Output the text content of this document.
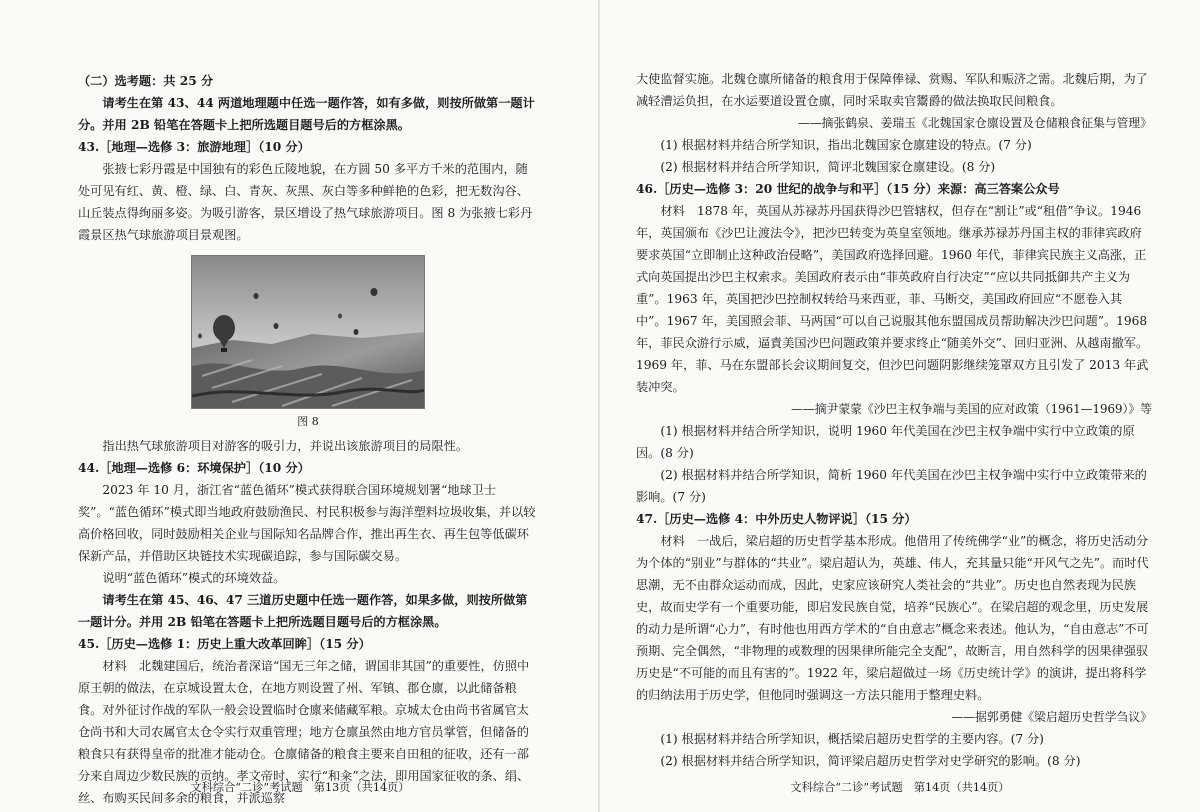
（二）选考题：共 25 分

请考生在第 43、44 两道地理题中任选一题作答，如有多做，则按所做第一题计分。并用 2B 铅笔在答题卡上把所选题目题号后的方框涂黑。

43.［地理—选修 3：旅游地理］（10 分）

张掖七彩丹霞是中国独有的彩色丘陵地貌，在方圆 50 多平方千米的范围内，随处可见有红、黄、橙、绿、白、青灰、灰黑、灰白等多种鲜艳的色彩，把无数沟谷、山丘装点得绚丽多姿。为吸引游客，景区增设了热气球旅游项目。图 8 为张掖七彩丹霞景区热气球旅游项目景观图。

图 8

指出热气球旅游项目对游客的吸引力，并说出该旅游项目的局限性。

44.［地理—选修 6：环境保护］（10 分）

2023 年 10 月，浙江省“蓝色循环”模式获得联合国环境规划署“地球卫士奖”。“蓝色循环”模式即当地政府鼓励渔民、村民积极参与海洋塑料垃圾收集，并以较高价格回收，同时鼓励相关企业与国际知名品牌合作，推出再生衣、再生包等低碳环保新产品，并借助区块链技术实现碳追踪，参与国际碳交易。

说明“蓝色循环”模式的环境效益。

请考生在第 45、46、47 三道历史题中任选一题作答，如果多做，则按所做第一题计分。并用 2B 铅笔在答题卡上把所选题目题号后的方框涂黑。

45.［历史—选修 1：历史上重大改革回眸］（15 分）

材料　北魏建国后，统治者深谙“国无三年之储，谓国非其国”的重要性，仿照中原王朝的做法，在京城设置太仓，在地方则设置了州、军镇、郡仓廪，以此储备粮食。对外征讨作战的军队一般会设置临时仓廪来储藏军粮。京城太仓由尚书省属官太仓尚书和大司农属官太仓令实行双重管理；地方仓廪虽然由地方官员掌管，但储备的粮食只有获得皇帝的批准才能动仓。仓廪储备的粮食主要来自田租的征收，还有一部分来自周边少数民族的贡纳。孝文帝时，实行“和籴”之法，即用国家征收的条、绢、丝、布购买民间多余的粮食，并派巡察

文科综合“二诊”考试题　第13页（共14页）

大使监督实施。北魏仓廪所储备的粮食用于保障俸禄、赏赐、军队和赈济之需。北魏后期，为了减轻漕运负担，在水运要道设置仓廪，同时采取卖官鬻爵的做法换取民间粮食。

——摘张鹤泉、姜瑞玉《北魏国家仓廪设置及仓储粮食征集与管理》

(1) 根据材料并结合所学知识，指出北魏国家仓廪建设的特点。(7 分)

(2) 根据材料并结合所学知识，简评北魏国家仓廪建设。(8 分)

46.［历史—选修 3：20 世纪的战争与和平］（15 分）来源：高三答案公众号

材料　1878 年，英国从苏禄苏丹国获得沙巴管辖权，但存在“割让”或“租借”争议。1946 年，英国颁布《沙巴让渡法令》，把沙巴转变为英皇室领地。继承苏禄苏丹国主权的菲律宾政府要求英国“立即制止这种政治侵略”，美国政府选择回避。1960 年代，菲律宾民族主义高涨，正式向英国提出沙巴主权索求。美国政府表示由“菲英政府自行决定”“应以共同抵御共产主义为重”。1963 年，英国把沙巴控制权转给马来西亚，菲、马断交，美国政府回应“不愿卷入其中”。1967 年，美国照会菲、马两国“可以自己说服其他东盟国成员帮助解决沙巴问题”。1968 年，菲民众游行示威，逼責美国沙巴问题政策并要求终止“随美外交”、回归亚洲、从越南撤军。1969 年，菲、马在东盟部长会议期间复交，但沙巴问题阴影继续笼罩双方且引发了 2013 年武装冲突。

——摘尹蒙蒙《沙巴主权争端与美国的应对政策（1961—1969）》等

(1) 根据材料并结合所学知识，说明 1960 年代美国在沙巴主权争端中实行中立政策的原因。(8 分)

(2) 根据材料并结合所学知识，简析 1960 年代美国在沙巴主权争端中实行中立政策带来的影响。(7 分)

47.［历史—选修 4：中外历史人物评说］（15 分）

材料　一战后，梁启超的历史哲学基本形成。他借用了传统佛学“业”的概念，将历史活动分为个体的“别业”与群体的“共业”。梁启超认为，英雄、伟人，充其量只能“开风气之先”。而时代思潮，无不由群众运动而成，因此，史家应该研究人类社会的“共业”。历史也自然表现为民族史，故而史学有一个重要功能，即启发民族自觉，培养“民族心”。在梁启超的观念里，历史发展的动力是所谓“心力”，有时他也用西方学术的“自由意志”概念来表述。他认为，“自由意志”不可预期、完全偶然，“非物理的或数理的因果律所能完全支配”，故断言，用自然科学的因果律强驭历史是“不可能的而且有害的”。1922 年，梁启超做过一场《历史统计学》的演讲，提出将科学的归纳法用于历史学，但他同时强调这一方法只能用于整理史料。

——据郭勇健《梁启超历史哲学刍议》

(1) 根据材料并结合所学知识，概括梁启超历史哲学的主要内容。(7 分)

(2) 根据材料并结合所学知识，简评梁启超历史哲学对史学研究的影响。(8 分)

文科综合“二诊”考试题　第14页（共14页）
